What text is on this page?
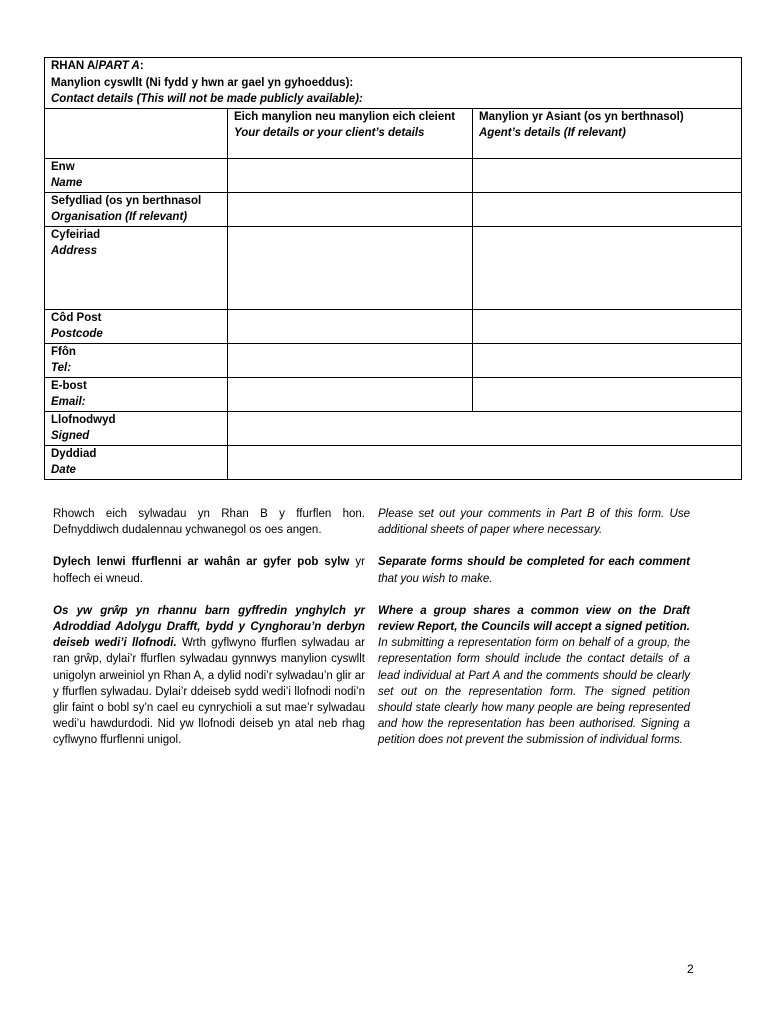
RHAN A/PART A:
Manylion cyswllt (Ni fydd y hwn ar gael yn gyhoeddus):
Contact details (This will not be made publicly available):		

	Eich manylion neu manylion eich cleient
Your details or your client’s details	Manylion yr Asiant (os yn berthnasol)
Agent’s details (If relevant)

Enw
Name		

Sefydliad (os yn berthnasol
Organisation (If relevant)		

Cyfeiriad
Address		

Côd Post
Postcode		

Ffôn
Tel:		

E-bost
Email:		

Llofnodwyd
Signed		

Dyddiad
Date		

Rhowch eich sylwadau yn Rhan B y ffurflen hon. Defnyddiwch dudalennau ychwanegol os oes angen.

Dylech lenwi ffurflenni ar wahân ar gyfer pob sylw yr hoffech ei wneud.

Os yw grŵp yn rhannu barn gyffredin ynghylch yr Adroddiad Adolygu Drafft, bydd y Cynghorau’n derbyn deiseb wedi’i llofnodi. Wrth gyflwyno ffurflen sylwadau ar ran grŵp, dylai’r ffurflen sylwadau gynnwys manylion cyswllt unigolyn arweiniol yn Rhan A, a dylid nodi’r sylwadau’n glir ar y ffurflen sylwadau. Dylai’r ddeiseb sydd wedi’i llofnodi nodi’n glir faint o bobl sy’n cael eu cynrychioli a sut mae’r sylwadau wedi’u hawdurdodi. Nid yw llofnodi deiseb yn atal neb rhag cyflwyno ffurflenni unigol.

Please set out your comments in Part B of this form. Use additional sheets of paper where necessary.

Separate forms should be completed for each comment that you wish to make.

Where a group shares a common view on the Draft review Report, the Councils will accept a signed petition. In submitting a representation form on behalf of a group, the representation form should include the contact details of a lead individual at Part A and the comments should be clearly set out on the representation form. The signed petition should state clearly how many people are being represented and how the representation has been authorised. Signing a petition does not prevent the submission of individual forms.

2
